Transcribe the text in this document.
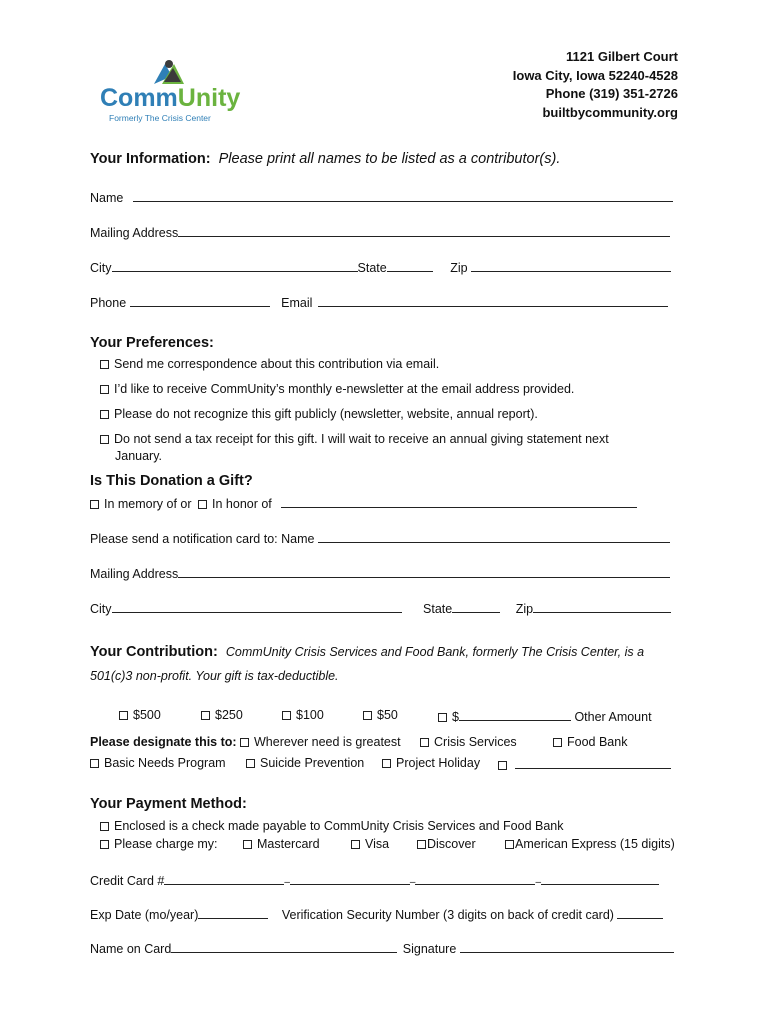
1121 Gilbert Court
Iowa City, Iowa 52240-4528
Phone (319) 351-2726
builtbycommunity.org
CommUnity
Formerly The Crisis Center
Your Information: Please print all names to be listed as a contributor(s).
Name
Mailing Address
City	State	Zip
Phone	Email
Your Preferences:
Send me correspondence about this contribution via email.
I’d like to receive CommUnity’s monthly e-newsletter at the email address provided.
Please do not recognize this gift publicly (newsletter, website, annual report).
Do not send a tax receipt for this gift. I will wait to receive an annual giving statement next
January.
Is This Donation a Gift?
In memory of or In honor of
Please send a notification card to: Name
Mailing Address
City	State	Zip
Your Contribution: CommUnity Crisis Services and Food Bank, formerly The Crisis Center, is a
501(c)3 non-profit. Your gift is tax-deductible.
$500	$250	$100	$50	$	Other Amount
Please designate this to:	Wherever need is greatest	Crisis Services	Food Bank
Basic Needs Program	Suicide Prevention	Project Holiday
Your Payment Method:
Enclosed is a check made payable to CommUnity Crisis Services and Food Bank
Please charge my:	Mastercard	Visa	Discover	American Express (15 digits)
Credit Card #	–	–	–
Exp Date (mo/year)	Verification Security Number (3 digits on back of credit card)
Name on Card	Signature
